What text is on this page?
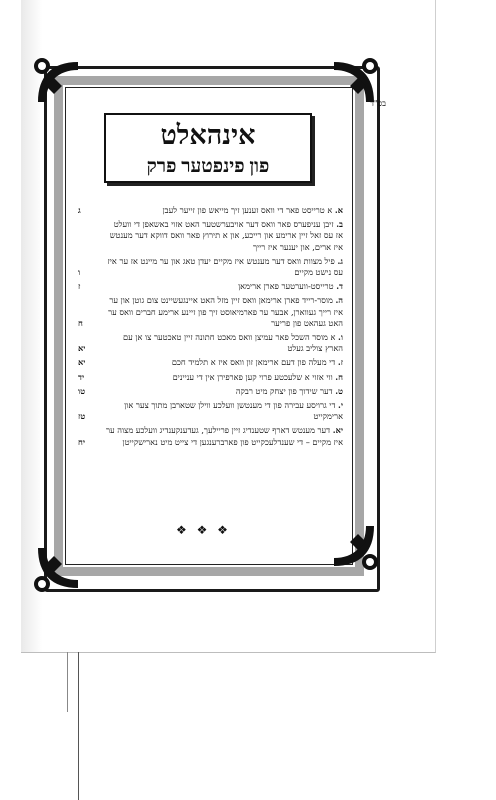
בס"ד
אינהאלט
פון פינפטער פרק
א. א טרייסט פאר די וואס זענען זיך מייאש פון זייער לעבן
ג
ב. זיבן עניפערס פאר וואס דער אויבערשטער האט אזוי באשאפן די וועלט אז עס זאל זיין ארימע און רייכע, און א תירוץ פאר וואס דווקא דער מענטש איז ארים, און יענער איז רייך
ג. פיל מצוות וואס דער מענטש איז מקיים יעדן טאג און ער מיינט אז ער איז עס נישט מקיים
ו
ד. טרייסט-ווערטער פארן ארימאן
ז
ה. מוסר-רייד פארן ארימאן וואס זיין מזל האט איינגעשיינט צום גוטן און ער איז רייך געווארן, אבער ער פארמיאוסט זיך פון זיינע ארימע חברים וואס ער האט געהאט פון פריער
ח
ו. א מוסר השכל פאר עמיצן וואס מאכט חתונה זיין טאכטער צו אן עם הארץ צוליב געלט
יא
ז. די מעלה פון דעם ארימאן זון וואס איז א תלמיד חכם
יא
ח. ווי אזוי א שלעכטע פרוי קען פארפירן אין די עניינים
יד
ט. דער שידוך פון יצחק מיט רבקה
טו
י. די גרויסע עבירה פון די מענטשן וועלכע ווילן שטארבן מתוך צער און ארימקייט
טז
יא. דער מענטש דארף שטענדיג זיין פריילעך, געדענקענדיג וועלכע מצוה ער איז מקיים – די שענדלעכקייט פון פארברענגען די צייט מיט נארישקייטן
יח
❖ ❖ ❖
